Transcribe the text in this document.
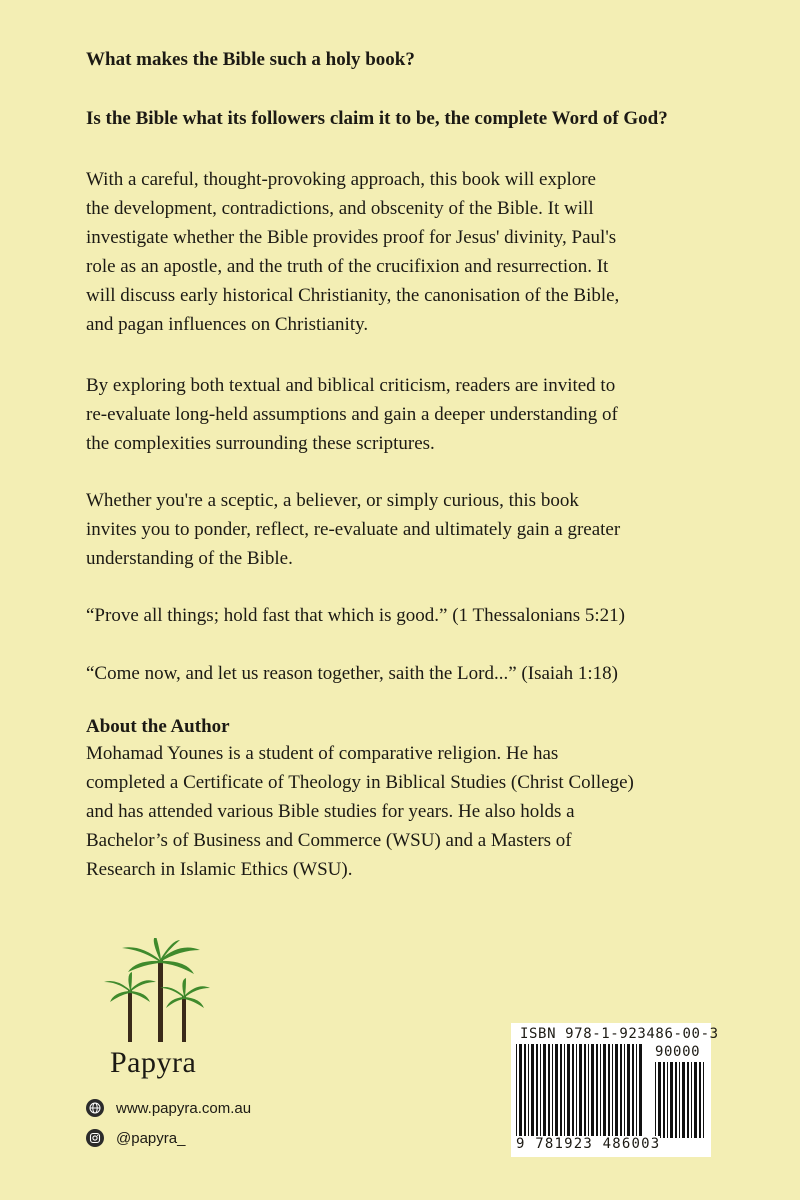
What makes the Bible such a holy book?

Is the Bible what its followers claim it to be, the complete Word of God?

With a careful, thought-provoking approach, this book will explore

the development, contradictions, and obscenity of the Bible. It will

investigate whether the Bible provides proof for Jesus' divinity, Paul's

role as an apostle, and the truth of the crucifixion and resurrection. It

will discuss early historical Christianity, the canonisation of the Bible,

and pagan influences on Christianity.

By exploring both textual and biblical criticism, readers are invited to

re-evaluate long-held assumptions and gain a deeper understanding of

the complexities surrounding these scriptures.

Whether you're a sceptic, a believer, or simply curious, this book

invites you to ponder, reflect, re-evaluate and ultimately gain a greater

understanding of the Bible.

“Prove all things; hold fast that which is good.” (1 Thessalonians 5:21)

“Come now, and let us reason together, saith the Lord...” (Isaiah 1:18)

About the Author

Mohamad Younes is a student of comparative religion. He has

completed a Certificate of Theology in Biblical Studies (Christ College)

and has attended various Bible studies for years. He also holds a

Bachelor’s of Business and Commerce (WSU) and a Masters of

Research in Islamic Ethics (WSU).

Papyra
www.papyra.com.au
@papyra_
ISBN 978-1-923486-00-3
90000
9 781923 486003
